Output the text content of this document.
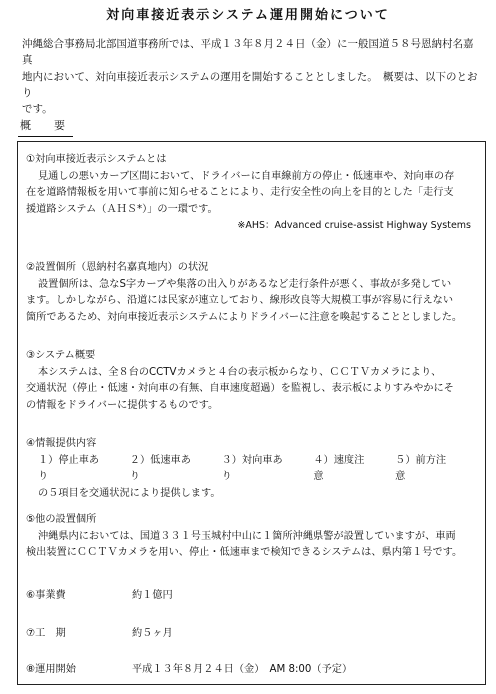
対向車接近表示システム運用開始について
沖縄総合事務局北部国道事務所では、平成１３年８月２４日（金）に一般国道５８号恩納村名嘉真
地内において、対向車接近表示システムの運用を開始することとしました。　概要は、以下のとおり
です。
概　要
①対向車接近表示システムとは
見通しの悪いカーブ区間において、ドライバーに自車線前方の停止・低速車や、対向車の存
在を道路情報板を用いて事前に知らせることにより、走行安全性の向上を目的とした「走行支
援道路システム（ＡＨＳ*）」の一環です。
※AHS：Advanced cruise-assist Highway Systems
②設置個所（恩納村名嘉真地内）の状況
設置個所は、急なS字カーブや集落の出入りがあるなど走行条件が悪く、事故が多発してい
ます。しかしながら、沿道には民家が連立しており、線形改良等大規模工事が容易に行えない
箇所であるため、対向車接近表示システムによりドライバーに注意を喚起することとしました。
③システム概要
本システムは、全８台のCCTVカメラと４台の表示板からなり、ＣＣＴＶカメラにより、
交通状況（停止・低速・対向車の有無、自車速度超過）を監視し、表示板によりすみやかにそ
の情報をドライバーに提供するものです。
④情報提供内容
１）停止車あり
２）低速車あり
３）対向車あり
４）速度注意
５）前方注意
の５項目を交通状況により提供します。
⑤他の設置個所
沖縄県内においては、国道３３１号玉城村中山に１箇所沖縄県警が設置していますが、車両
検出装置にＣＣＴＶカメラを用い、停止・低速車まで検知できるシステムは、県内第１号です。
⑥事業費	約１億円
⑦工　期	約５ヶ月
⑧運用開始	平成１３年８月２４日（金）　AM 8:00（予定）
